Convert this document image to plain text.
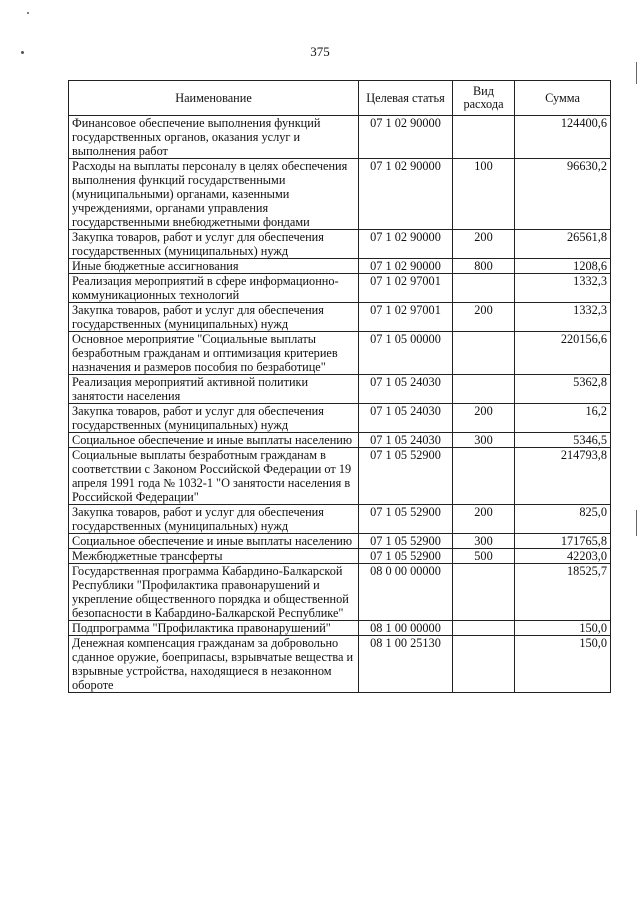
375
Наименование	Целевая статья	Вид расхода	Сумма
Финансовое обеспечение выполнения функций государственных органов, оказания услуг и выполнения работ	07 1 02 90000		124400,6
Расходы на выплаты персоналу в целях обеспечения выполнения функций государственными (муниципальными) органами, казенными учреждениями, органами управления государственными внебюджетными фондами	07 1 02 90000	100	96630,2
Закупка товаров, работ и услуг для обеспечения государственных (муниципальных) нужд	07 1 02 90000	200	26561,8
Иные бюджетные ассигнования	07 1 02 90000	800	1208,6
Реализация мероприятий в сфере информационно-коммуникационных технологий	07 1 02 97001		1332,3
Закупка товаров, работ и услуг для обеспечения государственных (муниципальных) нужд	07 1 02 97001	200	1332,3
Основное мероприятие "Социальные выплаты безработным гражданам и оптимизация критериев назначения и размеров пособия по безработице"	07 1 05 00000		220156,6
Реализация мероприятий активной политики занятости населения	07 1 05 24030		5362,8
Закупка товаров, работ и услуг для обеспечения государственных (муниципальных) нужд	07 1 05 24030	200	16,2
Социальное обеспечение и иные выплаты населению	07 1 05 24030	300	5346,5
Социальные выплаты безработным гражданам в соответствии с Законом Российской Федерации от 19 апреля 1991 года № 1032-1 "О занятости населения в Российской Федерации"	07 1 05 52900		214793,8
Закупка товаров, работ и услуг для обеспечения государственных (муниципальных) нужд	07 1 05 52900	200	825,0
Социальное обеспечение и иные выплаты населению	07 1 05 52900	300	171765,8
Межбюджетные трансферты	07 1 05 52900	500	42203,0
Государственная программа Кабардино-Балкарской Республики "Профилактика правонарушений и укрепление общественного порядка и общественной безопасности в Кабардино-Балкарской Республике"	08 0 00 00000		18525,7
Подпрограмма "Профилактика правонарушений"	08 1 00 00000		150,0
Денежная компенсация гражданам за добровольно сданное оружие, боеприпасы, взрывчатые вещества и взрывные устройства, находящиеся в незаконном обороте	08 1 00 25130		150,0
